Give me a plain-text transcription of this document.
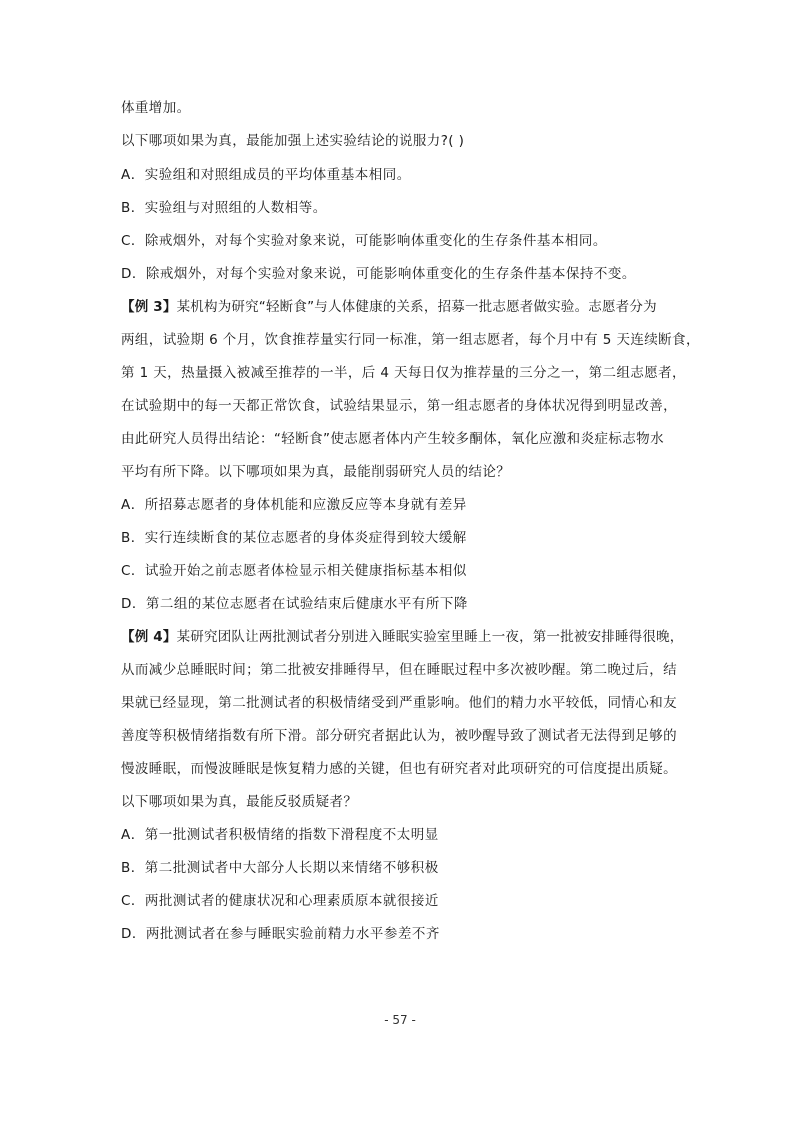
体重增加。
以下哪项如果为真，最能加强上述实验结论的说服力?( )
A．实验组和对照组成员的平均体重基本相同。
B．实验组与对照组的人数相等。
C．除戒烟外，对每个实验对象来说，可能影响体重变化的生存条件基本相同。
D．除戒烟外，对每个实验对象来说，可能影响体重变化的生存条件基本保持不变。
【例 3】某机构为研究“轻断食”与人体健康的关系，招募一批志愿者做实验。志愿者分为
两组，试验期 6 个月，饮食推荐量实行同一标准，第一组志愿者，每个月中有 5 天连续断食，
第 1 天，热量摄入被减至推荐的一半，后 4 天每日仅为推荐量的三分之一，第二组志愿者，
在试验期中的每一天都正常饮食，试验结果显示，第一组志愿者的身体状况得到明显改善，
由此研究人员得出结论：“轻断食”使志愿者体内产生较多酮体，氧化应激和炎症标志物水
平均有所下降。以下哪项如果为真，最能削弱研究人员的结论？
A．所招募志愿者的身体机能和应激反应等本身就有差异
B．实行连续断食的某位志愿者的身体炎症得到较大缓解
C．试验开始之前志愿者体检显示相关健康指标基本相似
D．第二组的某位志愿者在试验结束后健康水平有所下降
【例 4】某研究团队让两批测试者分别进入睡眠实验室里睡上一夜，第一批被安排睡得很晚，
从而减少总睡眠时间；第二批被安排睡得早，但在睡眠过程中多次被吵醒。第二晚过后，结
果就已经显现，第二批测试者的积极情绪受到严重影响。他们的精力水平较低，同情心和友
善度等积极情绪指数有所下滑。部分研究者据此认为，被吵醒导致了测试者无法得到足够的
慢波睡眠，而慢波睡眠是恢复精力感的关键，但也有研究者对此项研究的可信度提出质疑。
以下哪项如果为真，最能反驳质疑者？
A．第一批测试者积极情绪的指数下滑程度不太明显
B．第二批测试者中大部分人长期以来情绪不够积极
C．两批测试者的健康状况和心理素质原本就很接近
D．两批测试者在参与睡眠实验前精力水平参差不齐
- 57 -
